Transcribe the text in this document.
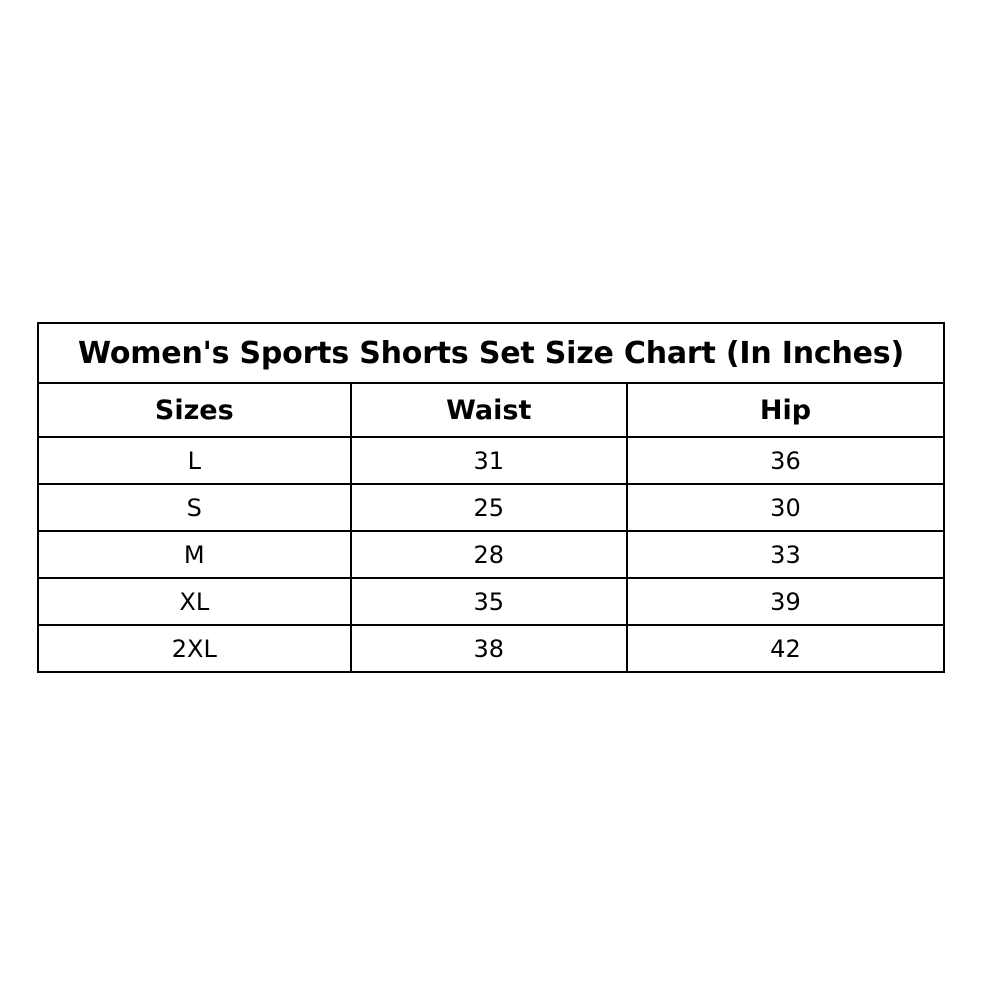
Women's Sports Shorts Set Size Chart (In Inches)		
Sizes	Waist	Hip
L	31	36
S	25	30
M	28	33
XL	35	39
2XL	38	42
